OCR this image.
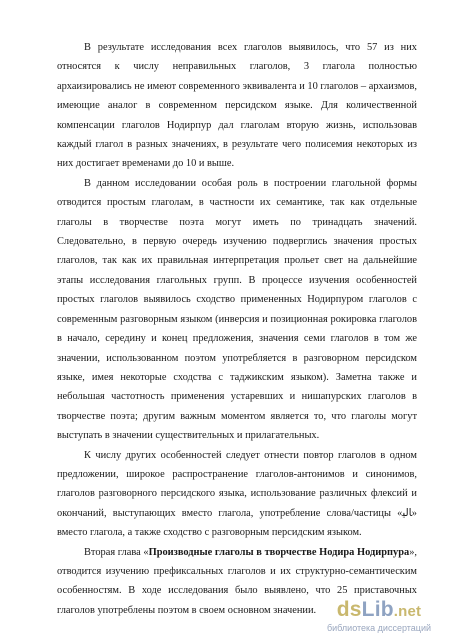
В результате исследования всех глаголов выявилось, что 57 из них относятся к числу неправильных глаголов, 3 глагола полностью архаизировались не имеют современного эквивалента и 10 глаголов – архаизмов, имеющие аналог в современном персидском языке. Для количественной компенсации глаголов Нодирпур дал глаголам вторую жизнь, использовав каждый глагол в разных значениях, в результате чего полисемия некоторых из них достигает временами до 10 и выше.

В данном исследовании особая роль в построении глагольной формы отводится простым глаголам, в частности их семантике, так как отдельные глаголы в творчестве поэта могут иметь по тринадцать значений. Следовательно, в первую очередь изучению подверглись значения простых глаголов, так как их правильная интерпретация прольет свет на дальнейшие этапы исследования глагольных групп. В процессе изучения особенностей простых глаголов выявилось сходство примененных Нодирпуром глаголов с современным разговорным языком (инверсия и позиционная рокировка глаголов в начало, середину и конец предложения, значения семи глаголов в том же значении, использованном поэтом употребляется в разговорном персидском языке, имея некоторые сходства с таджикским языком). Заметна также и небольшая частотность применения устаревших и нишапурских глаголов в творчестве поэта; другим важным моментом является то, что глаголы могут выступать в значении существительных и прилагательных.

К числу других особенностей следует отнести повтор глаголов в одном предложении, широкое распространение глаголов-антонимов и синонимов, глаголов разговорного персидского языка, использование различных флексий и окончаний, выступающих вместо глагола, употребление слова/частицы «ﺎﻟﯿ» вместо глагола, а также сходство с разговорным персидским языком.

Вторая глава «Производные глаголы в творчестве Нодира Нодирпура», отводится изучению префиксальных глаголов и их структурно-семантическим особенностям. В ходе исследования было выявлено, что 25 приставочных глаголов употреблены поэтом в своем основном значении. dsLib.net
библиотека диссертаций
